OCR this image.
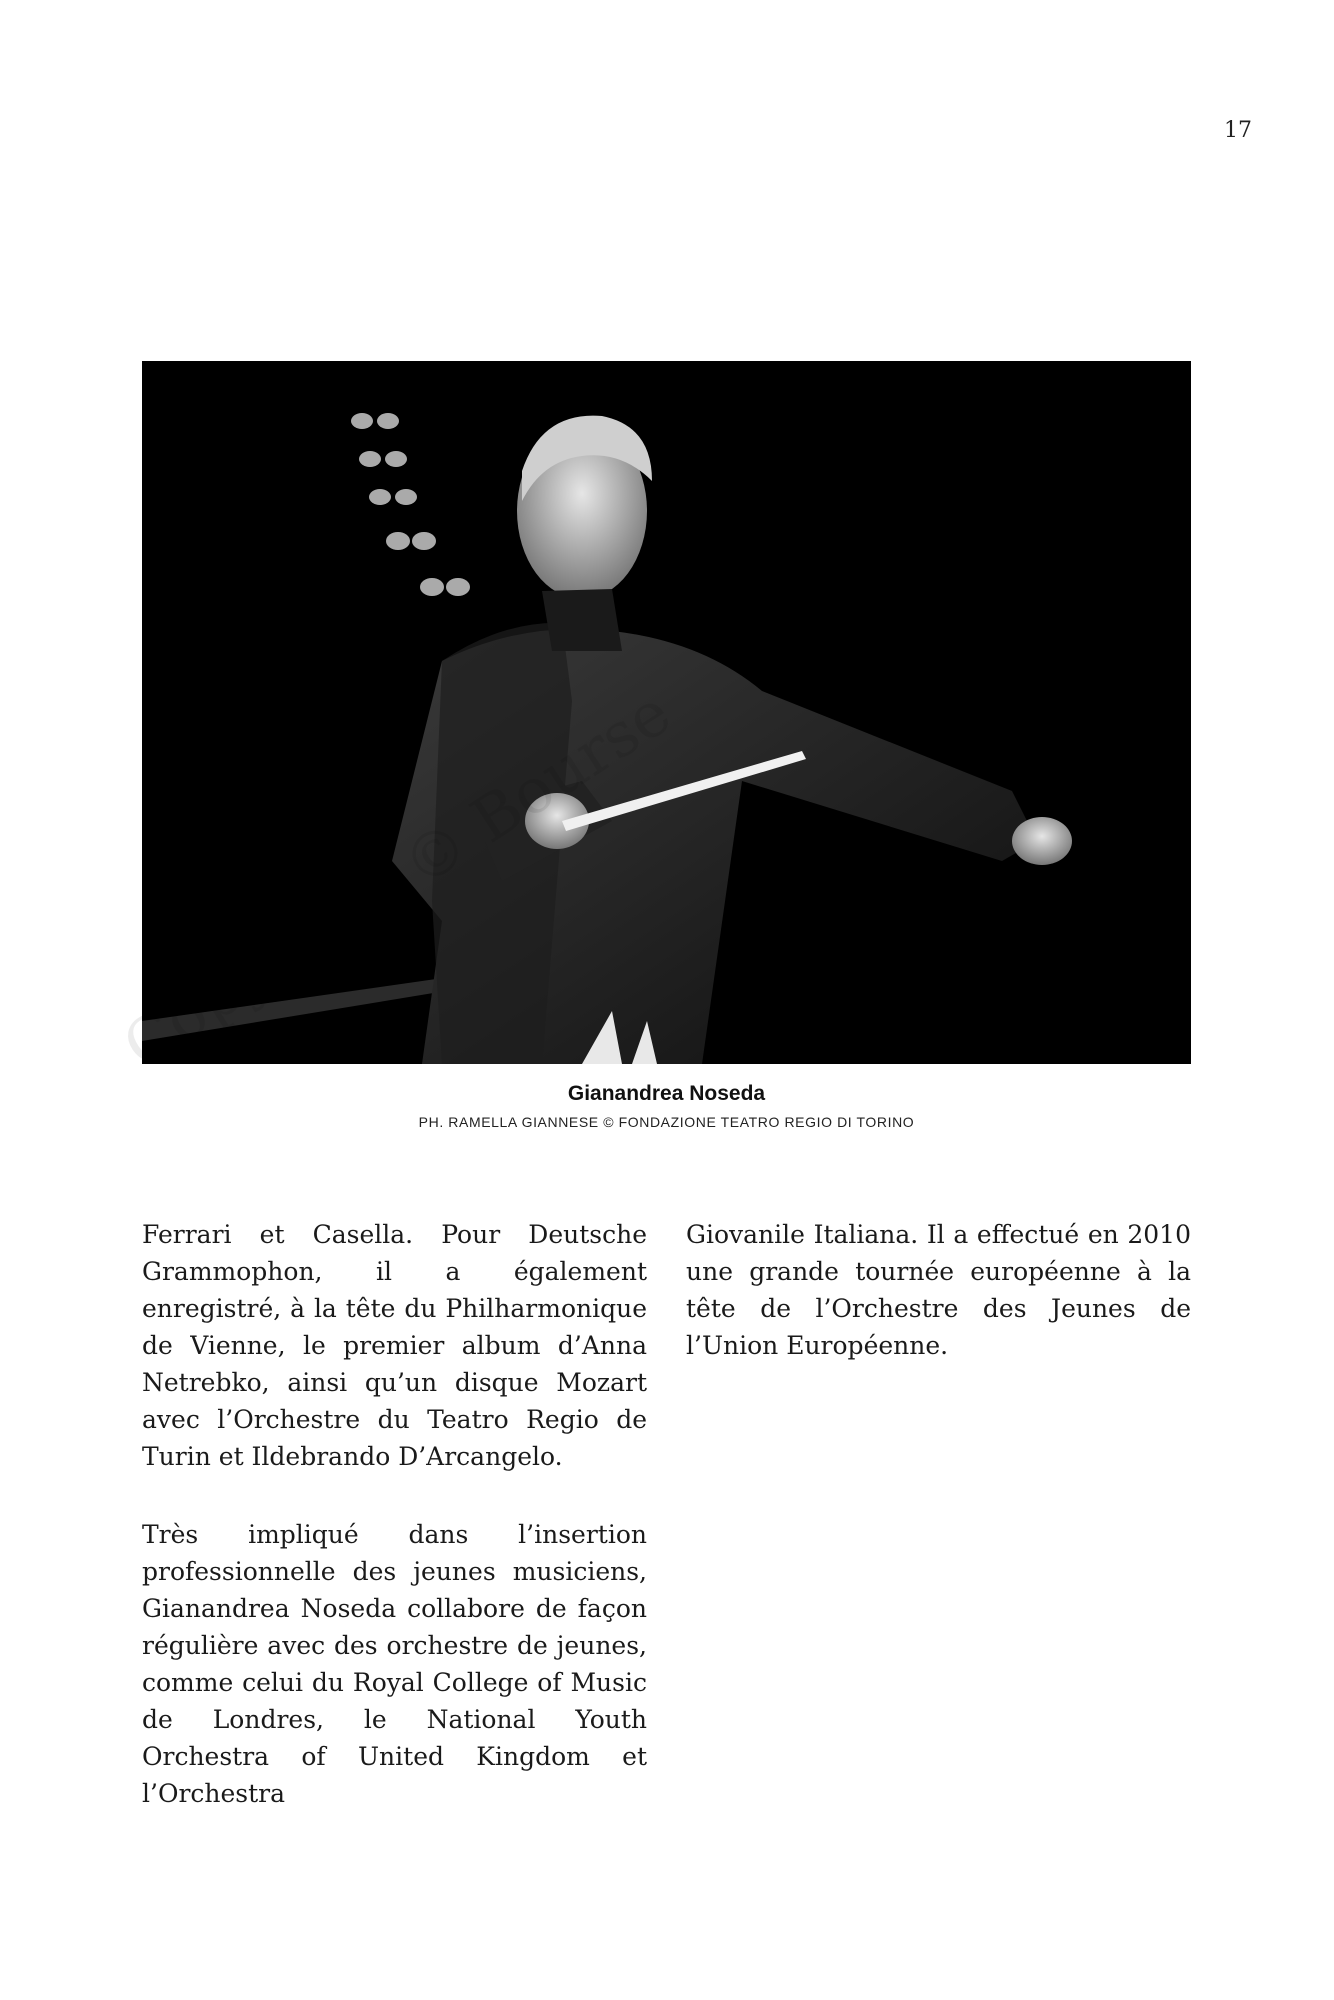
17
Gianandrea Noseda
PH. RAMELLA GIANNESE © FONDAZIONE TEATRO REGIO DI TORINO

Ferrari et Casella. Pour Deutsche Grammophon, il a également enregistré, à la tête du Philharmonique de Vienne, le premier album d’Anna Netrebko, ainsi qu’un disque Mozart avec l’Orchestre du Teatro Regio de Turin et Ildebrando D’Arcangelo.

Très impliqué dans l’insertion professionnelle des jeunes musiciens, Gianandrea Noseda collabore de façon régulière avec des orchestre de jeunes, comme celui du Royal College of Music de Londres, le National Youth Orchestra of United Kingdom et l’Orchestra

Giovanile Italiana. Il a effectué en 2010 une grande tournée européenne à la tête de l’Orchestre des Jeunes de l’Union Européenne.
